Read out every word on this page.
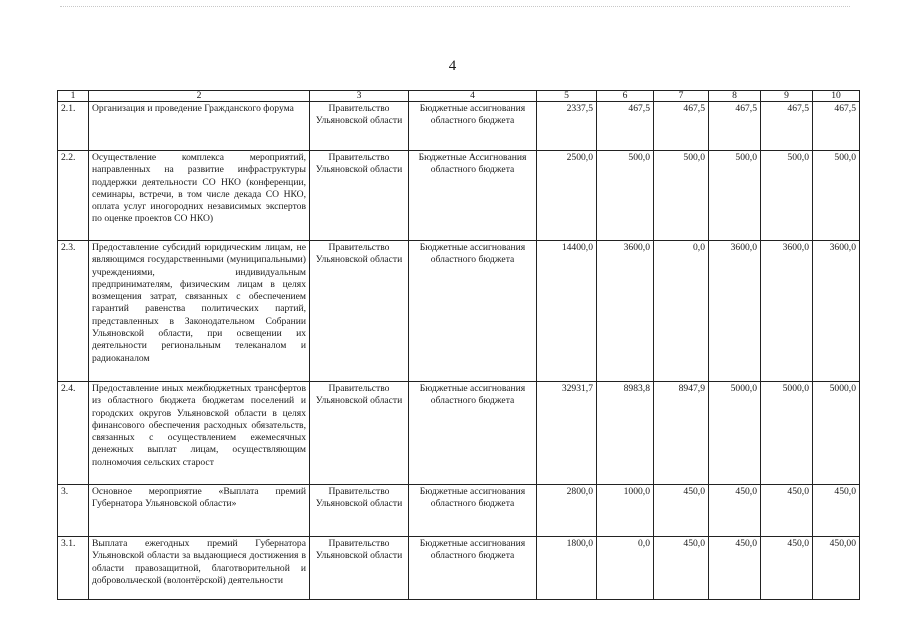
4
1	2	3	4	5	6	7	8	9	10
2.1.	Организация и проведение Гражданского форума	Правительство Ульяновской области	Бюджетные ассигнования областного бюджета	2337,5	467,5	467,5	467,5	467,5	467,5
2.2.	Осуществление комплекса мероприятий, направленных на развитие инфраструктуры поддержки деятельности СО НКО (конференции, семинары, встречи, в том числе декада СО НКО, оплата услуг иногородних независимых экспертов по оценке проектов СО НКО)	Правительство Ульяновской области	Бюджетные Ассигнования областного бюджета	2500,0	500,0	500,0	500,0	500,0	500,0
2.3.	Предоставление субсидий юридическим лицам, не являющимся государственными (муниципальными) учреждениями, индивидуальным предпринимателям, физическим лицам в целях возмещения затрат, связанных с обеспечением гарантий равенства политических партий, представленных в Законодательном Собрании Ульяновской области, при освещении их деятельности региональным телеканалом и радиоканалом	Правительство Ульяновской области	Бюджетные ассигнования областного бюджета	14400,0	3600,0	0,0	3600,0	3600,0	3600,0
2.4.	Предоставление иных межбюджетных трансфертов из областного бюджета бюджетам поселений и городских округов Ульяновской области в целях финансового обеспечения расходных обязательств, связанных с осуществлением ежемесячных денежных выплат лицам, осуществляющим полномочия сельских старост	Правительство Ульяновской области	Бюджетные ассигнования областного бюджета	32931,7	8983,8	8947,9	5000,0	5000,0	5000,0
3.	Основное мероприятие «Выплата премий Губернатора Ульяновской области»	Правительство Ульяновской области	Бюджетные ассигнования областного бюджета	2800,0	1000,0	450,0	450,0	450,0	450,0
3.1.	Выплата ежегодных премий Губернатора Ульяновской области за выдающиеся достижения в области правозащитной, благотворительной и добровольческой (волонтёрской) деятельности	Правительство Ульяновской области	Бюджетные ассигнования областного бюджета	1800,0	0,0	450,0	450,0	450,0	450,00
